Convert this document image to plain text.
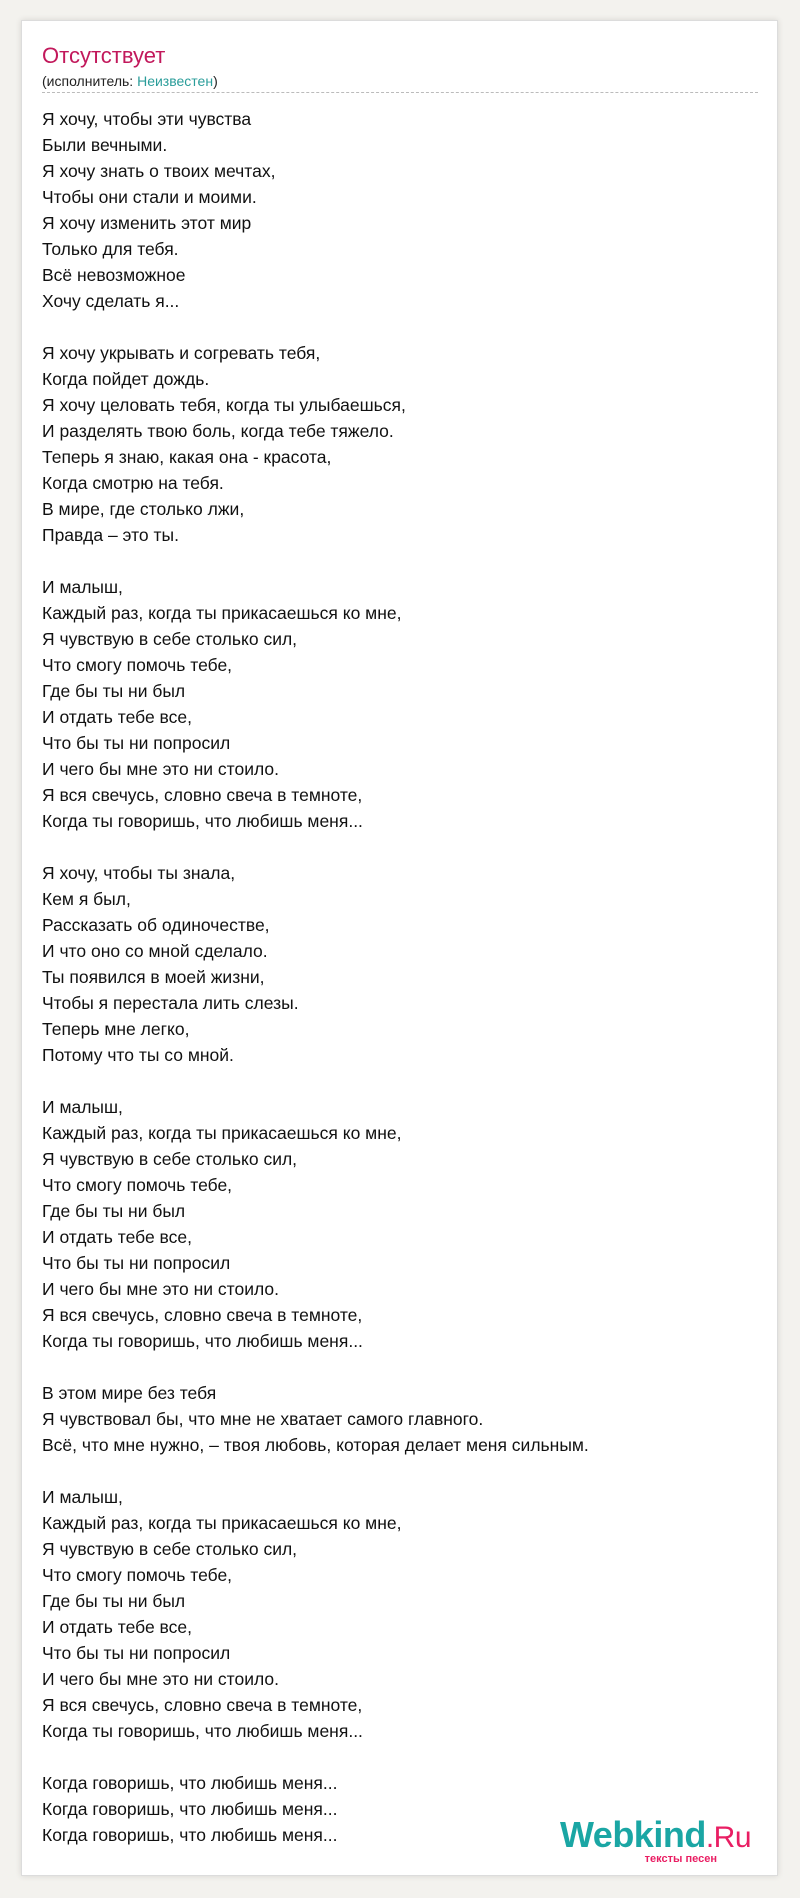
Отсутствует
(исполнитель: Неизвестен)
Я хочу, чтобы эти чувства
Были вечными.
Я хочу знать о твоих мечтах,
Чтобы они стали и моими.
Я хочу изменить этот мир
Только для тебя.
Всё невозможное
Хочу сделать я...
Я хочу укрывать и согревать тебя,
Когда пойдет дождь.
Я хочу целовать тебя, когда ты улыбаешься,
И разделять твою боль, когда тебе тяжело.
Теперь я знаю, какая она - красота,
Когда смотрю на тебя.
В мире, где столько лжи,
Правда – это ты.
И малыш,
Каждый раз, когда ты прикасаешься ко мне,
Я чувствую в себе столько сил,
Что смогу помочь тебе,
Где бы ты ни был
И отдать тебе все,
Что бы ты ни попросил
И чего бы мне это ни стоило.
Я вся свечусь, словно свеча в темноте,
Когда ты говоришь, что любишь меня...
Я хочу, чтобы ты знала,
Кем я был,
Рассказать об одиночестве,
И что оно со мной сделало.
Ты появился в моей жизни,
Чтобы я перестала лить слезы.
Теперь мне легко,
Потому что ты со мной.
И малыш,
Каждый раз, когда ты прикасаешься ко мне,
Я чувствую в себе столько сил,
Что смогу помочь тебе,
Где бы ты ни был
И отдать тебе все,
Что бы ты ни попросил
И чего бы мне это ни стоило.
Я вся свечусь, словно свеча в темноте,
Когда ты говоришь, что любишь меня...
В этом мире без тебя
Я чувствовал бы, что мне не хватает самого главного.
Всё, что мне нужно, – твоя любовь, которая делает меня сильным.
И малыш,
Каждый раз, когда ты прикасаешься ко мне,
Я чувствую в себе столько сил,
Что смогу помочь тебе,
Где бы ты ни был
И отдать тебе все,
Что бы ты ни попросил
И чего бы мне это ни стоило.
Я вся свечусь, словно свеча в темноте,
Когда ты говоришь, что любишь меня...
Когда говоришь, что любишь меня...
Когда говоришь, что любишь меня...
Когда говоришь, что любишь меня...	Webkind.Ru
тексты песен
